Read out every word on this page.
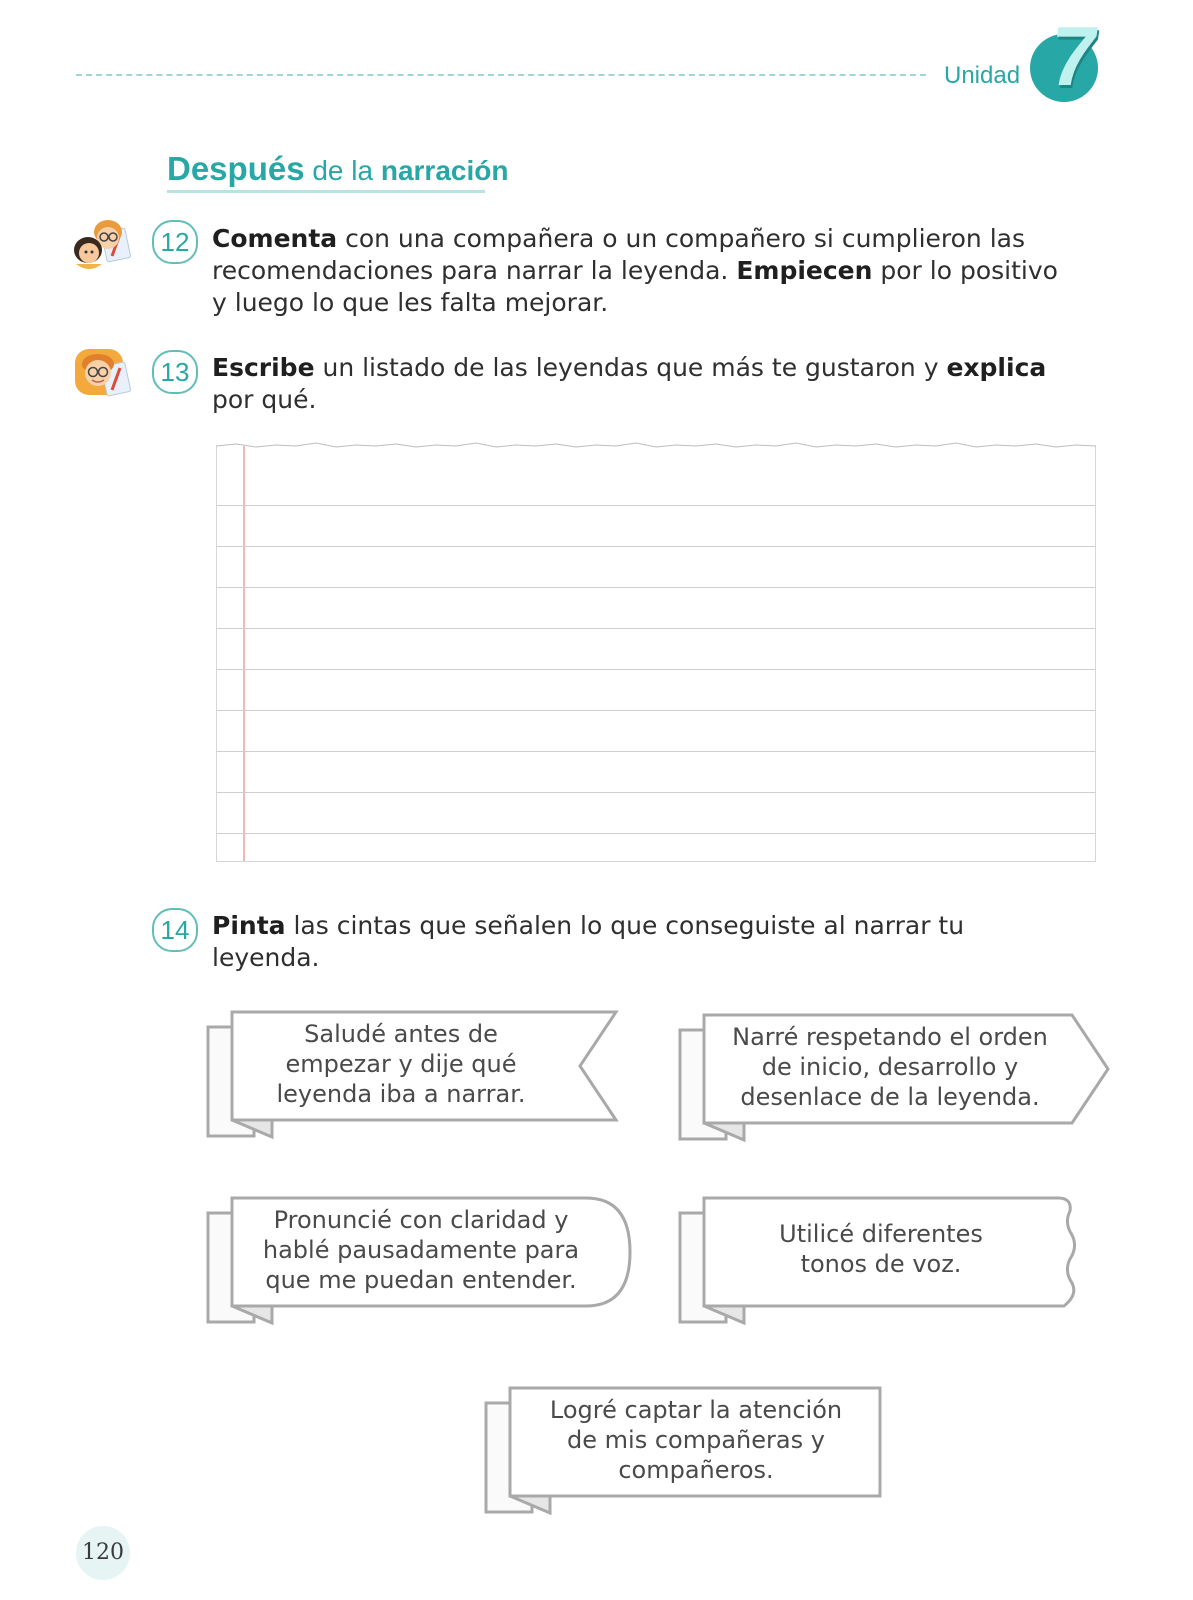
Unidad 7
Después de la narración
12 Comenta con una compañera o un compañero si cumplieron las recomendaciones para narrar la leyenda. Empiecen por lo positivo y luego lo que les falta mejorar.
13 Escribe un listado de las leyendas que más te gustaron y explica por qué.
14 Pinta las cintas que señalen lo que conseguiste al narrar tu leyenda.
Saludé antes de
empezar y dije qué
leyenda iba a narrar.
Narré respetando el orden
de inicio, desarrollo y
desenlace de la leyenda.
Pronuncié con claridad y
hablé pausadamente para
que me puedan entender.
Utilicé diferentes
tonos de voz.
Logré captar la atención
de mis compañeras y
compañeros.
120
